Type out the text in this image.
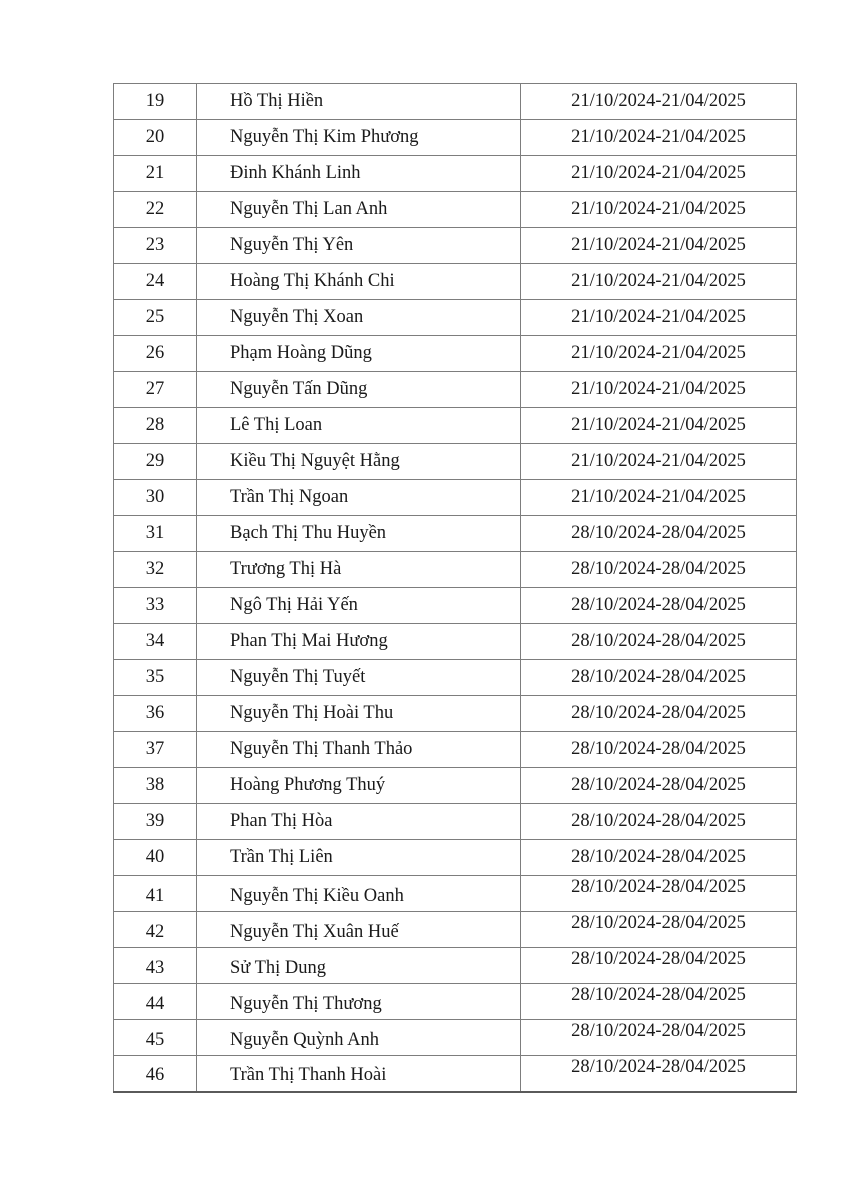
19	Hồ Thị Hiền	21/10/2024-21/04/2025
20	Nguyễn Thị Kim Phương	21/10/2024-21/04/2025
21	Đinh Khánh Linh	21/10/2024-21/04/2025
22	Nguyễn Thị Lan Anh	21/10/2024-21/04/2025
23	Nguyễn Thị Yên	21/10/2024-21/04/2025
24	Hoàng Thị Khánh Chi	21/10/2024-21/04/2025
25	Nguyễn Thị Xoan	21/10/2024-21/04/2025
26	Phạm Hoàng Dũng	21/10/2024-21/04/2025
27	Nguyễn Tấn Dũng	21/10/2024-21/04/2025
28	Lê Thị Loan	21/10/2024-21/04/2025
29	Kiều Thị Nguyệt Hằng	21/10/2024-21/04/2025
30	Trần Thị Ngoan	21/10/2024-21/04/2025
31	Bạch Thị Thu Huyền	28/10/2024-28/04/2025
32	Trương Thị Hà	28/10/2024-28/04/2025
33	Ngô Thị Hải Yến	28/10/2024-28/04/2025
34	Phan Thị Mai Hương	28/10/2024-28/04/2025
35	Nguyễn Thị Tuyết	28/10/2024-28/04/2025
36	Nguyễn Thị Hoài Thu	28/10/2024-28/04/2025
37	Nguyễn Thị Thanh Thảo	28/10/2024-28/04/2025
38	Hoàng Phương Thuý	28/10/2024-28/04/2025
39	Phan Thị Hòa	28/10/2024-28/04/2025
40	Trần Thị Liên	28/10/2024-28/04/2025
41	Nguyễn Thị Kiều Oanh	28/10/2024-28/04/2025
42	Nguyễn Thị Xuân Huế	28/10/2024-28/04/2025
43	Sử Thị Dung	28/10/2024-28/04/2025
44	Nguyễn Thị Thương	28/10/2024-28/04/2025
45	Nguyễn Quỳnh Anh	28/10/2024-28/04/2025
46	Trần Thị Thanh Hoài	28/10/2024-28/04/2025
